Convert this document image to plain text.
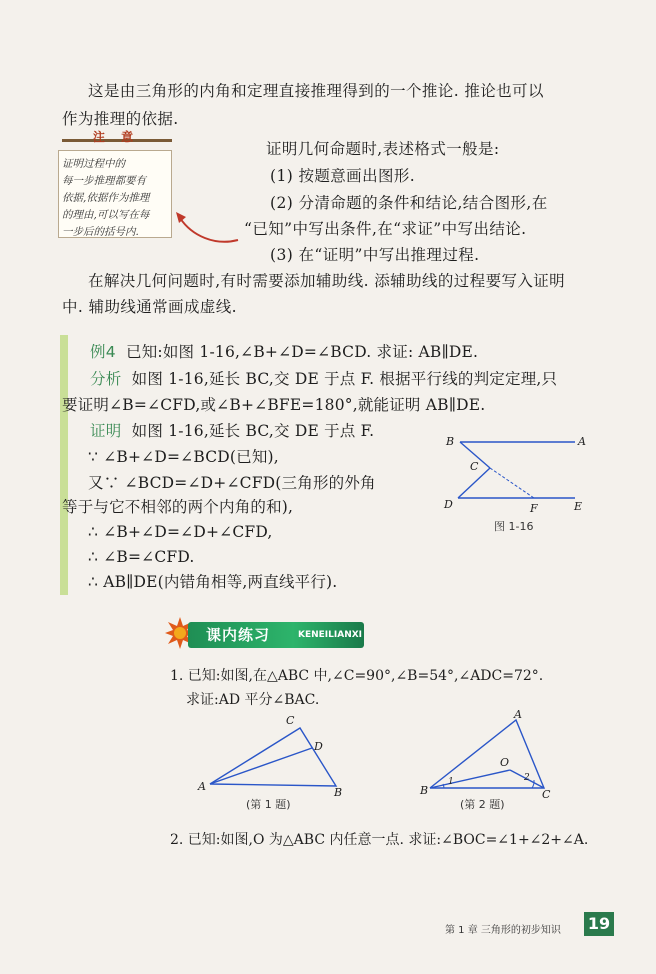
这是由三角形的内角和定理直接推理得到的一个推论. 推论也可以
作为推理的依据.
注 意
证明过程中的
每一步推理都要有
依据,依据作为推理
的理由,可以写在每
一步后的括号内.
证明几何命题时,表述格式一般是:
(1) 按题意画出图形.
(2) 分清命题的条件和结论,结合图形,在
“已知”中写出条件,在“求证”中写出结论.
(3) 在“证明”中写出推理过程.
在解决几何问题时,有时需要添加辅助线. 添辅助线的过程要写入证明
中. 辅助线通常画成虚线.
例4 已知:如图 1-16,∠B+∠D=∠BCD. 求证: AB∥DE.
分析 如图 1-16,延长 BC,交 DE 于点 F. 根据平行线的判定定理,只
要证明∠B=∠CFD,或∠B+∠BFE=180°,就能证明 AB∥DE.
证明 如图 1-16,延长 BC,交 DE 于点 F.
∵ ∠B+∠D=∠BCD(已知),
又∵ ∠BCD=∠D+∠CFD(三角形的外角
等于与它不相邻的两个内角的和),
∴ ∠B+∠D=∠D+∠CFD,
∴ ∠B=∠CFD.
∴ AB∥DE(内错角相等,两直线平行).
B	A
C
D	F	E
图 1-16
课内练习	KENEILIANXI
1. 已知:如图,在△ABC 中,∠C=90°,∠B=54°,∠ADC=72°.
求证:AD 平分∠BAC.
A	B
C
D
(第 1 题)
A
B	C
O
1	2
(第 2 题)
2. 已知:如图,O 为△ABC 内任意一点. 求证:∠BOC=∠1+∠2+∠A.
第 1 章 三角形的初步知识 19
